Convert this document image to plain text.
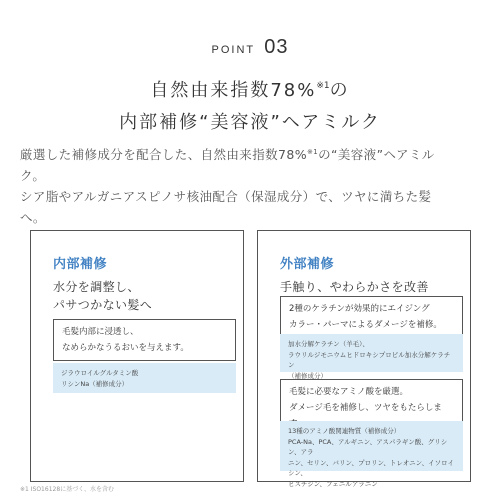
POINT 03
自然由来指数78%$^{※1}$の
内部補修“美容液”ヘアミルク
厳選した補修成分を配合した、自然由来指数78%$^{※1}$の“美容液”ヘアミル
ク。
シア脂やアルガニアスピノサ核油配合（保湿成分）で、ツヤに満ちた髪
へ。
内部補修
水分を調整し、
パサつかない髪へ
毛髪内部に浸透し、
なめらかなうるおいを与えます。
ジラウロイルグルタミン酸
リシンNa（補修成分）
外部補修
手触り、やわらかさを改善
2種のケラチンが効果的にエイジング
カラー・パーマによるダメージを補修。
加水分解ケラチン（羊毛）、
ラウリルジモニウムヒドロキシプロピル加水分解ケラチン
（補修成分）
毛髪に必要なアミノ酸を厳選。
ダメージ毛を補修し、ツヤをもたらしま
13種のアミノ酸関連物質（補修成分）
PCA-Na、PCA、アルギニン、アスパラギン酸、グリシン、アラ
ニン、セリン、バリン、プロリン、トレオニン、イソロイシン、
ヒスチジン、フェニルアラニン
※1 ISO16128に基づく、水を含む
